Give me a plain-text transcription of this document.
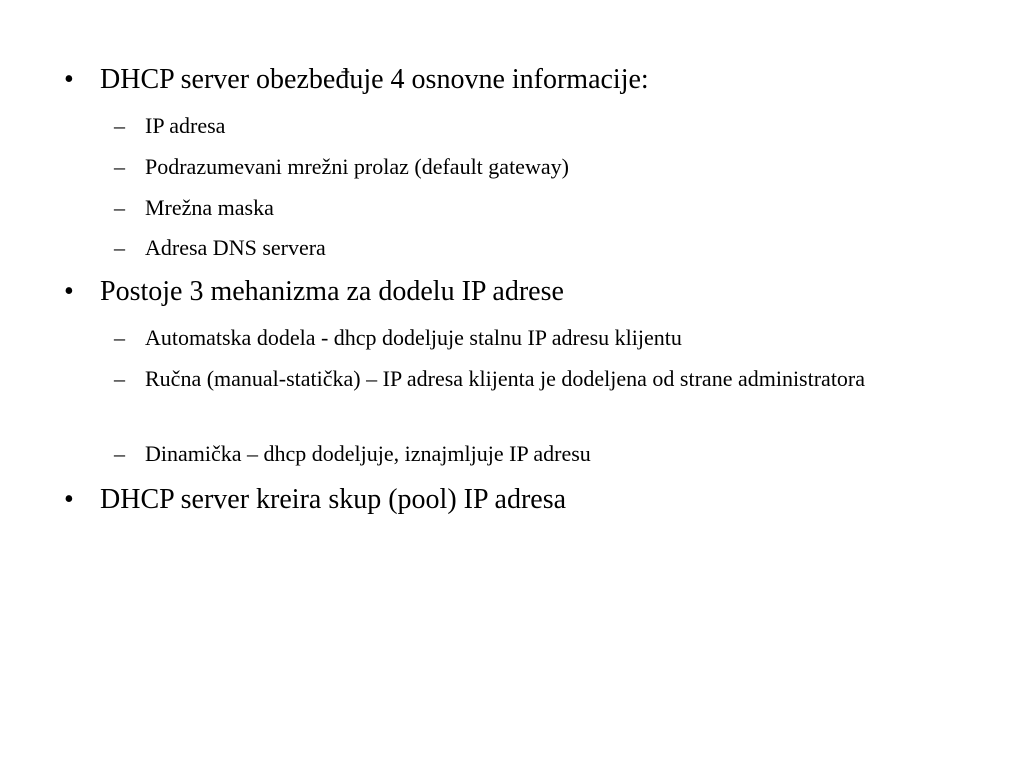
• DHCP server obezbeđuje 4 osnovne informacije:
– IP adresa
– Podrazumevani mrežni prolaz (default gateway)
– Mrežna maska
– Adresa DNS servera
• Postoje 3 mehanizma za dodelu IP adrese
– Automatska dodela - dhcp dodeljuje stalnu IP adresu klijentu
– Ručna (manual-statička) – IP adresa klijenta je dodeljena od strane administratora
– Dinamička – dhcp dodeljuje, iznajmljuje IP adresu
• DHCP server kreira skup (pool) IP adresa
